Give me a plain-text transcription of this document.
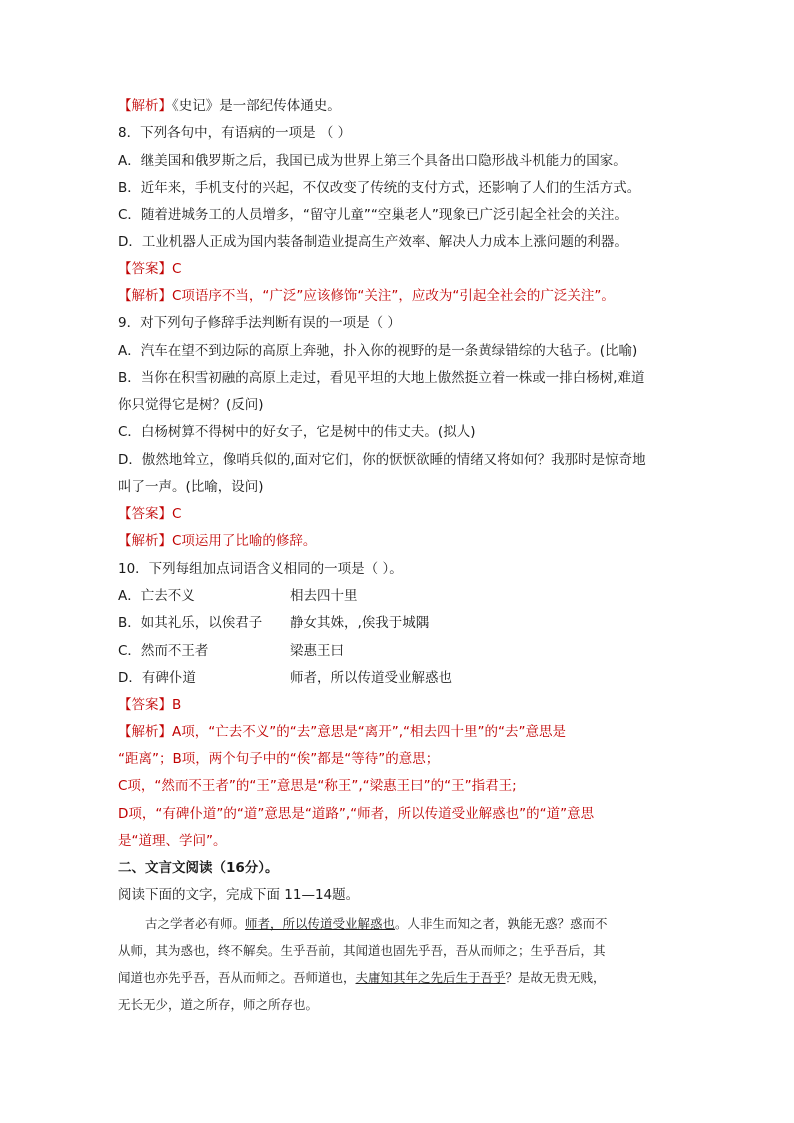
【解析】《史记》是一部纪传体通史。
8．下列各句中，有语病的一项是 （ ）
A．继美国和俄罗斯之后，我国已成为世界上第三个具备出口隐形战斗机能力的国家。
B．近年来，手机支付的兴起，不仅改变了传统的支付方式，还影响了人们的生活方式。
C．随着进城务工的人员增多，“留守儿童”“空巢老人”现象已广泛引起全社会的关注。
D．工业机器人正成为国内装备制造业提高生产效率、解决人力成本上涨问题的利器。
【答案】C
【解析】C项语序不当，“广泛”应该修饰“关注”，应改为“引起全社会的广泛关注”。
9．对下列句子修辞手法判断有误的一项是（ ）
A．汽车在望不到边际的高原上奔驰，扑入你的视野的是一条黄绿错综的大毡子。(比喻)
B．当你在积雪初融的高原上走过，看见平坦的大地上傲然挺立着一株或一排白杨树,难道
你只觉得它是树？(反问)
C．白杨树算不得树中的好女子，它是树中的伟丈夫。(拟人)
D．傲然地耸立，像哨兵似的,面对它们，你的恹恹欲睡的情绪又将如何？我那时是惊奇地
叫了一声。(比喻，设问)
【答案】C
【解析】C项运用了比喻的修辞。
10．下列每组加点词语含义相同的一项是（ ）。
A．亡去不义	相去四十里
B．如其礼乐，以俟君子 静女其姝，,俟我于城隅
C．然而不王者	梁惠王曰
D．有碑仆道	师者，所以传道受业解惑也
【答案】B
【解析】A项，“亡去不义”的“去”意思是“离开”,“相去四十里”的“去”意思是
“距离”；B项，两个句子中的“俟”都是“等待”的意思；
C项，“然而不王者”的“王”意思是“称王”,“梁惠王曰”的“王”指君王;
D项，“有碑仆道”的“道”意思是“道路”,“师者，所以传道受业解惑也”的“道”意思
是“道理、学问”。
二、文言文阅读（16分）。
阅读下面的文字，完成下面 11—14题。
古之学者必有师。师者，所以传道受业解惑也。人非生而知之者，孰能无惑？惑而不
从师，其为惑也，终不解矣。生乎吾前，其闻道也固先乎吾，吾从而师之；生乎吾后，其
闻道也亦先乎吾，吾从而师之。吾师道也，夫庸知其年之先后生于吾乎？是故无贵无贱，
无长无少，道之所存，师之所存也。
